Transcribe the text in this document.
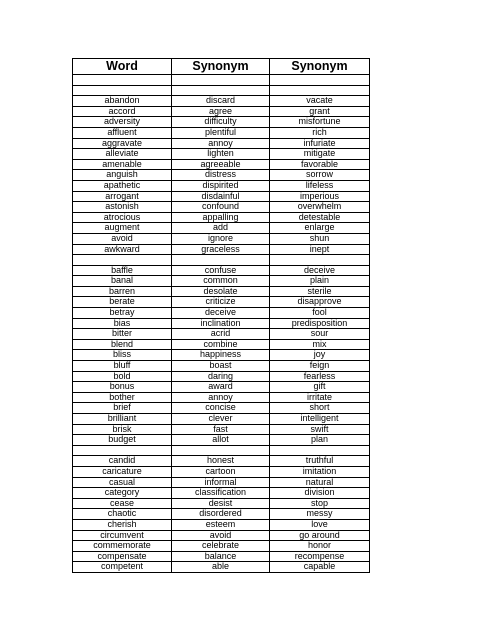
Word	Synonym	Synonym

abandon	discard	vacate
accord	agree	grant
adversity	difficulty	misfortune
affluent	plentiful	rich
aggravate	annoy	infuriate
alleviate	lighten	mitigate
amenable	agreeable	favorable
anguish	distress	sorrow
apathetic	dispirited	lifeless
arrogant	disdainful	imperious
astonish	confound	overwhelm
atrocious	appalling	detestable
augment	add	enlarge
avoid	ignore	shun
awkward	graceless	inept

baffle	confuse	deceive
banal	common	plain
barren	desolate	sterile
berate	criticize	disapprove
betray	deceive	fool
bias	inclination	predisposition
bitter	acrid	sour
blend	combine	mix
bliss	happiness	joy
bluff	boast	feign
bold	daring	fearless
bonus	award	gift
bother	annoy	irritate
brief	concise	short
brilliant	clever	intelligent
brisk	fast	swift
budget	allot	plan

candid	honest	truthful
caricature	cartoon	imitation
casual	informal	natural
category	classification	division
cease	desist	stop
chaotic	disordered	messy
cherish	esteem	love
circumvent	avoid	go around
commemorate	celebrate	honor
compensate	balance	recompense
competent	able	capable
